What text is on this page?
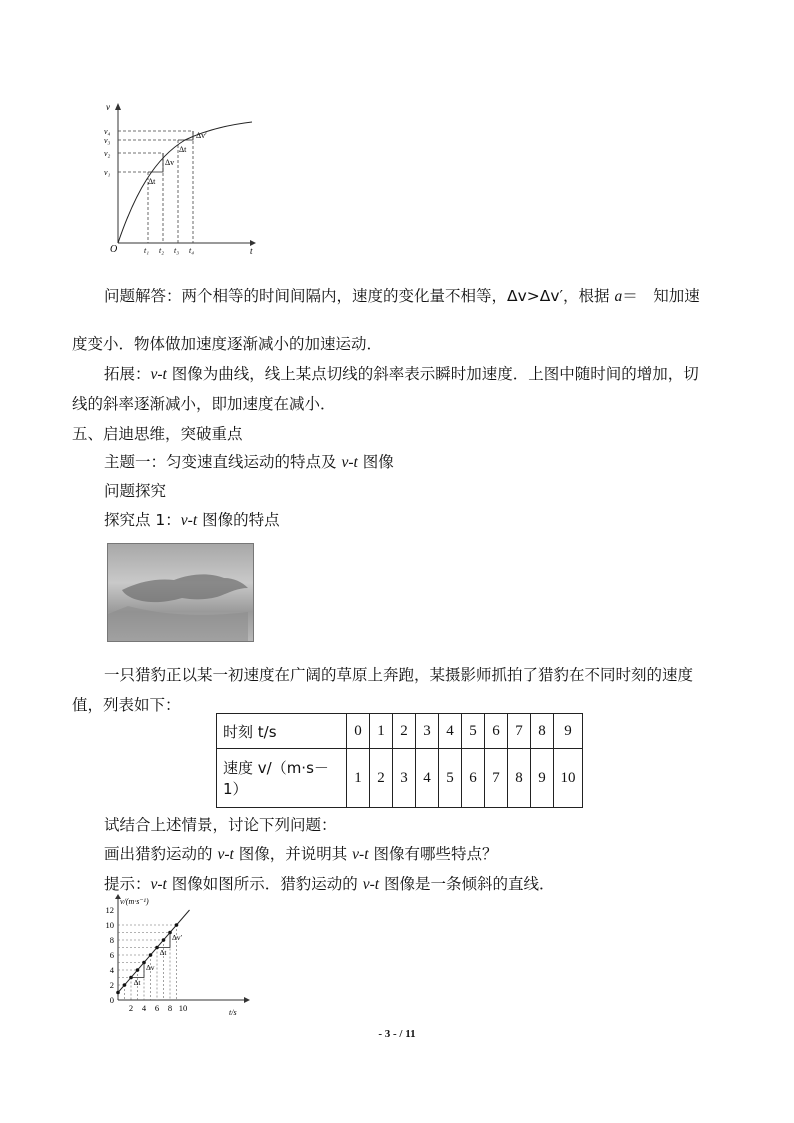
v
t
O
v₄
v₃
v₂
v₁
t₁ t₂ t₃ t₄
Δt
Δv
Δt
Δv′
问题解答：两个相等的时间间隔内，速度的变化量不相等，Δv>Δv′，根据 a＝　知加速
度变小．物体做加速度逐渐减小的加速运动．
拓展：v-t 图像为曲线，线上某点切线的斜率表示瞬时加速度．上图中随时间的增加，切
线的斜率逐渐减小，即加速度在减小．
五、启迪思维，突破重点
主题一：匀变速直线运动的特点及 v-t 图像
问题探究
探究点 1：v-t 图像的特点
一只猎豹正以某一初速度在广阔的草原上奔跑，某摄影师抓拍了猎豹在不同时刻的速度
值，列表如下：
时刻 t/s	0	1	2	3	4	5	6	7	8	9
速度 v/（m·s－
1）	1	2	3	4	5	6	7	8	9	10
试结合上述情景，讨论下列问题：
画出猎豹运动的 v-t 图像，并说明其 v-t 图像有哪些特点？
提示：v-t 图像如图所示．猎豹运动的 v-t 图像是一条倾斜的直线．
v/(m·s⁻¹)
t/s
0
2
4
6
8
10
12
2 4 6 8 10
Δt
Δv
Δt
Δv′
- 3 - / 11
